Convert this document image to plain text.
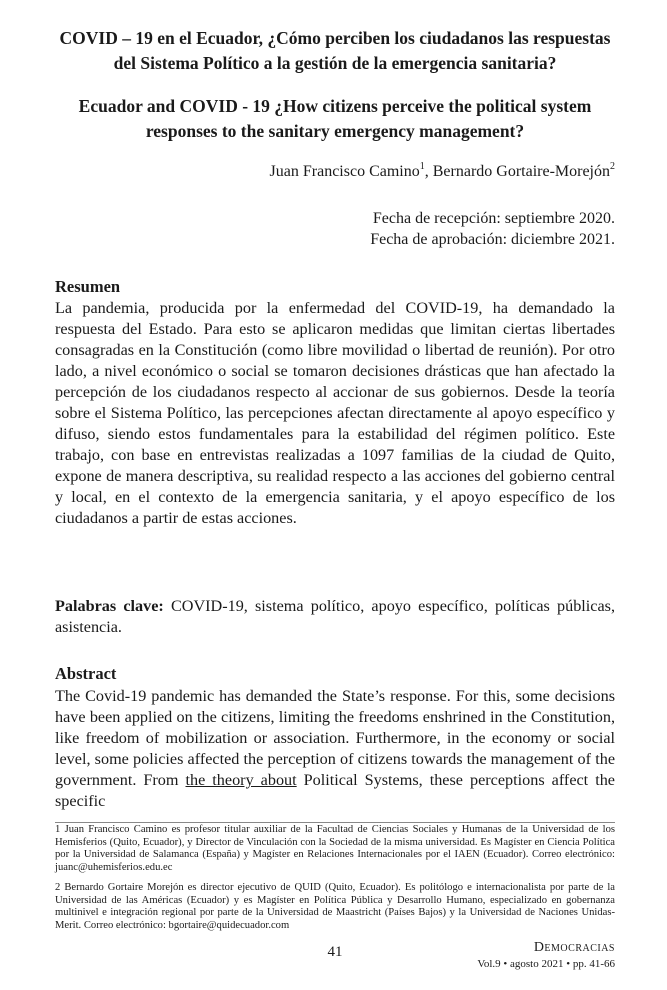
COVID – 19 en el Ecuador, ¿Cómo perciben los ciudadanos las respuestas del Sistema Político a la gestión de la emergencia sanitaria?
Ecuador and COVID - 19 ¿How citizens perceive the political system responses to the sanitary emergency management?
Juan Francisco Camino$^1$, Bernardo Gortaire-Morejón$^2$
Fecha de recepción: septiembre 2020.
Fecha de aprobación: diciembre 2021.
Resumen

La pandemia, producida por la enfermedad del COVID-19, ha demandado la respuesta del Estado. Para esto se aplicaron medidas que limitan ciertas libertades consagradas en la Constitución (como libre movilidad o libertad de reunión). Por otro lado, a nivel económico o social se tomaron decisiones drásticas que han afectado la percepción de los ciudadanos respecto al accionar de sus gobiernos. Desde la teoría sobre el Sistema Político, las percepciones afectan directamente al apoyo específico y difuso, siendo estos fundamentales para la estabilidad del régimen político. Este trabajo, con base en entrevistas realizadas a 1097 familias de la ciudad de Quito, expone de manera descriptiva, su realidad respecto a las acciones del gobierno central y local, en el contexto de la emergencia sanitaria, y el apoyo específico de los ciudadanos a partir de estas acciones.

Palabras clave: COVID-19, sistema político, apoyo específico, políticas públicas, asistencia.

Abstract

The Covid-19 pandemic has demanded the State’s response. For this, some decisions have been applied on the citizens, limiting the freedoms enshrined in the Constitution, like freedom of mobilization or association. Furthermore, in the economy or social level, some policies affected the perception of citizens towards the management of the government. From the theory about Political Systems, these perceptions affect the specific

1 Juan Francisco Camino es profesor titular auxiliar de la Facultad de Ciencias Sociales y Humanas de la Universidad de los Hemisferios (Quito, Ecuador), y Director de Vinculación con la Sociedad de la misma universidad. Es Magíster en Ciencia Política por la Universidad de Salamanca (España) y Magíster en Relaciones Internacionales por el IAEN (Ecuador). Correo electrónico: juanc@uhemisferios.edu.ec

2 Bernardo Gortaire Morejón es director ejecutivo de QUID (Quito, Ecuador). Es politólogo e internacionalista por parte de la Universidad de las Américas (Ecuador) y es Magíster en Política Pública y Desarrollo Humano, especializado en gobernanza multinivel e integración regional por parte de la Universidad de Maastricht (Países Bajos) y la Universidad de Naciones Unidas-Merit. Correo electrónico: bgortaire@quidecuador.com

41	Democracias
Vol.9 • agosto 2021 • pp. 41-66
